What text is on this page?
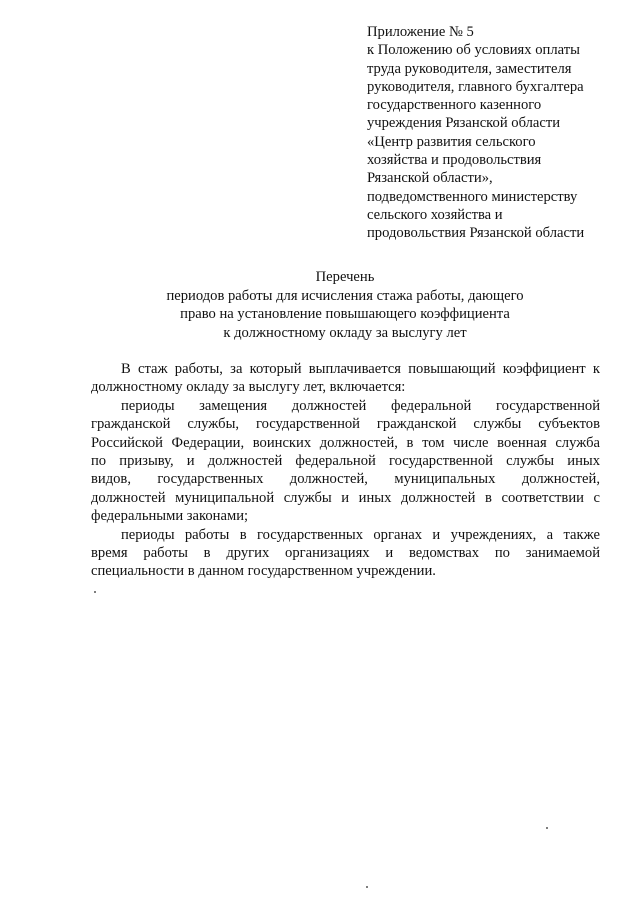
Приложение № 5
к Положению об условиях оплаты
труда руководителя, заместителя
руководителя, главного бухгалтера
государственного казенного
учреждения Рязанской области
«Центр развития сельского
хозяйства и продовольствия
Рязанской области»,
подведомственного министерству
сельского хозяйства и
продовольствия Рязанской области
Перечень
периодов работы для исчисления стажа работы, дающего
право на установление повышающего коэффициента
к должностному окладу за выслугу лет

В стаж работы, за который выплачивается повышающий коэффициент к
должностному окладу за выслугу лет, включается:

периоды замещения должностей федеральной государственной
гражданской службы, государственной гражданской службы субъектов
Российской Федерации, воинских должностей, в том числе военная служба
по призыву, и должностей федеральной государственной службы иных
видов, государственных должностей, муниципальных должностей,
должностей муниципальной службы и иных должностей в соответствии с
федеральными законами;

периоды работы в государственных органах и учреждениях, а также
время работы в других организациях и ведомствах по занимаемой
специальности в данном государственном учреждении.
